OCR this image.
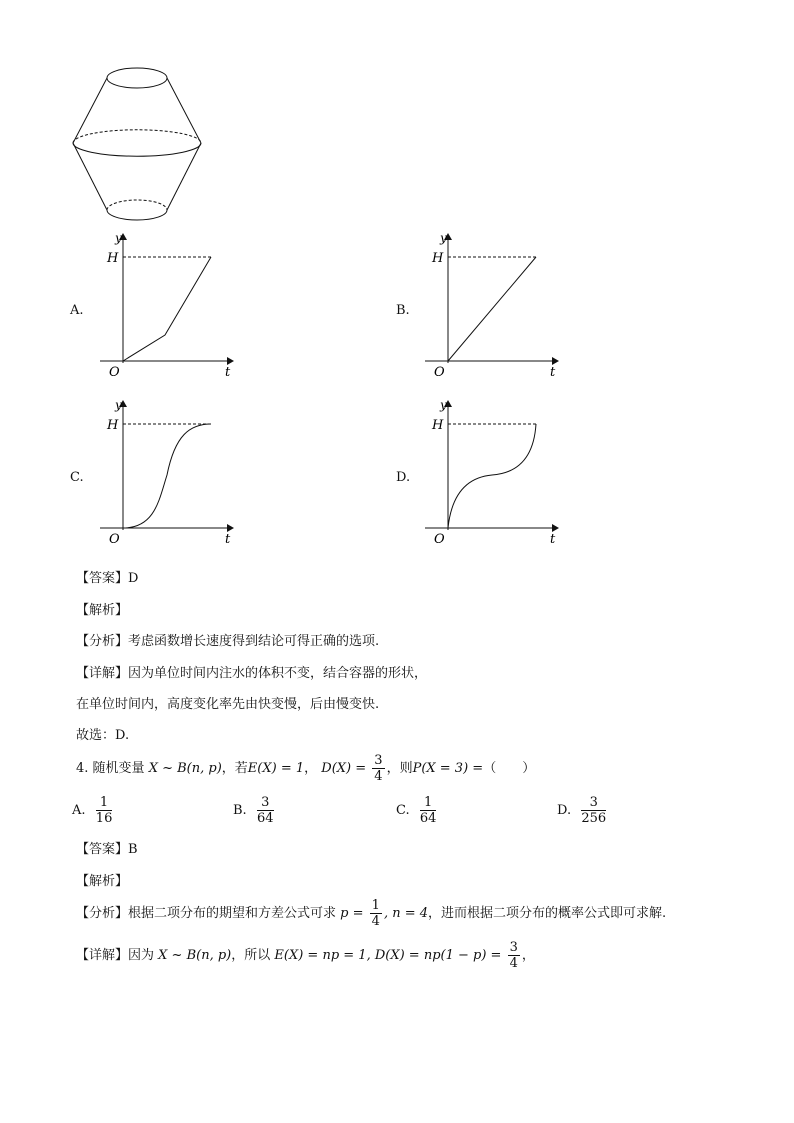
A.
y
H
O	t
B.
y
H
O	t
C.
y
H
O	t
D.
y
H
O	t
【答案】D
【解析】
【分析】考虑函数增长速度得到结论可得正确的选项.
【详解】因为单位时间内注水的体积不变，结合容器的形状，
在单位时间内，高度变化率先由快变慢，后由慢变快.
故选：D.
4. 随机变量 X ~ B(n, p)，若E(X) = 1， $D(X) = \frac{3}{4}$ ，则P(X = 3) =（　　）
A. $\frac{1}{16}$	B. $\frac{3}{64}$	C. $\frac{1}{64}$	D. $\frac{3}{256}$
【答案】B
【解析】
【分析】根据二项分布的期望和方差公式可求 $p = \frac{1}{4}$ , n = 4，进而根据二项分布的概率公式即可求解.
【详解】因为 X ~ B(n, p)，所以 E(X) = np = 1, $D(X) = np(1 - p) = \frac{3}{4}$ ，
